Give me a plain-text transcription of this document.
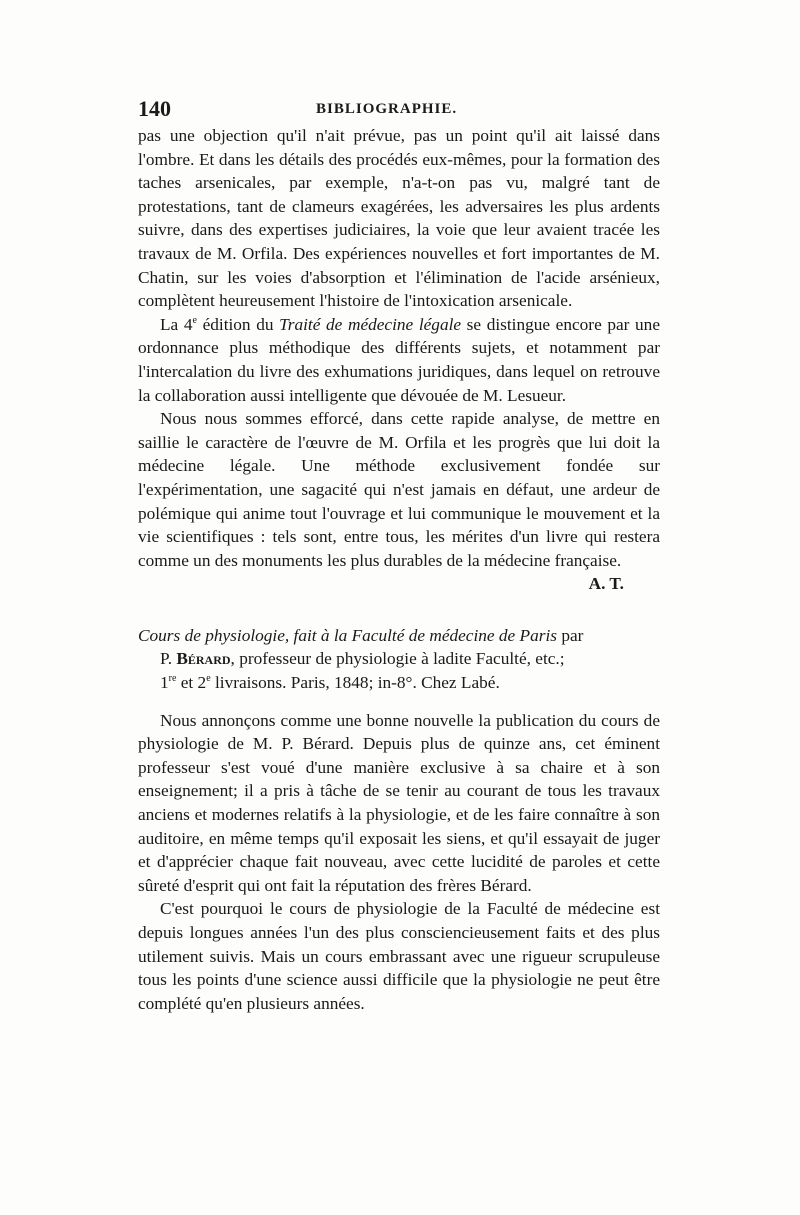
140	BIBLIOGRAPHIE.

pas une objection qu'il n'ait prévue, pas un point qu'il ait laissé dans l'ombre. Et dans les détails des procédés eux-mêmes, pour la formation des taches arsenicales, par exemple, n'a-t-on pas vu, malgré tant de protestations, tant de clameurs exagérées, les adversaires les plus ardents suivre, dans des expertises judiciaires, la voie que leur avaient tracée les travaux de M. Orfila. Des expériences nouvelles et fort importantes de M. Chatin, sur les voies d'absorption et l'élimination de l'acide arsénieux, complètent heureusement l'histoire de l'intoxication arsenicale.

La 4e édition du Traité de médecine légale se distingue encore par une ordonnance plus méthodique des différents sujets, et notamment par l'intercalation du livre des exhumations juridiques, dans lequel on retrouve la collaboration aussi intelligente que dévouée de M. Lesueur.

Nous nous sommes efforcé, dans cette rapide analyse, de mettre en saillie le caractère de l'œuvre de M. Orfila et les progrès que lui doit la médecine légale. Une méthode exclusivement fondée sur l'expérimentation, une sagacité qui n'est jamais en défaut, une ardeur de polémique qui anime tout l'ouvrage et lui communique le mouvement et la vie scientifiques : tels sont, entre tous, les mérites d'un livre qui restera comme un des monuments les plus durables de la médecine française.

A. T.

Cours de physiologie, fait à la Faculté de médecine de Paris par
P. Bérard, professeur de physiologie à ladite Faculté, etc.;
1re et 2e livraisons. Paris, 1848; in-8°. Chez Labé.

Nous annonçons comme une bonne nouvelle la publication du cours de physiologie de M. P. Bérard. Depuis plus de quinze ans, cet éminent professeur s'est voué d'une manière exclusive à sa chaire et à son enseignement; il a pris à tâche de se tenir au courant de tous les travaux anciens et modernes relatifs à la physiologie, et de les faire connaître à son auditoire, en même temps qu'il exposait les siens, et qu'il essayait de juger et d'apprécier chaque fait nouveau, avec cette lucidité de paroles et cette sûreté d'esprit qui ont fait la réputation des frères Bérard.

C'est pourquoi le cours de physiologie de la Faculté de médecine est depuis longues années l'un des plus consciencieusement faits et des plus utilement suivis. Mais un cours embrassant avec une rigueur scrupuleuse tous les points d'une science aussi difficile que la physiologie ne peut être complété qu'en plusieurs années.
